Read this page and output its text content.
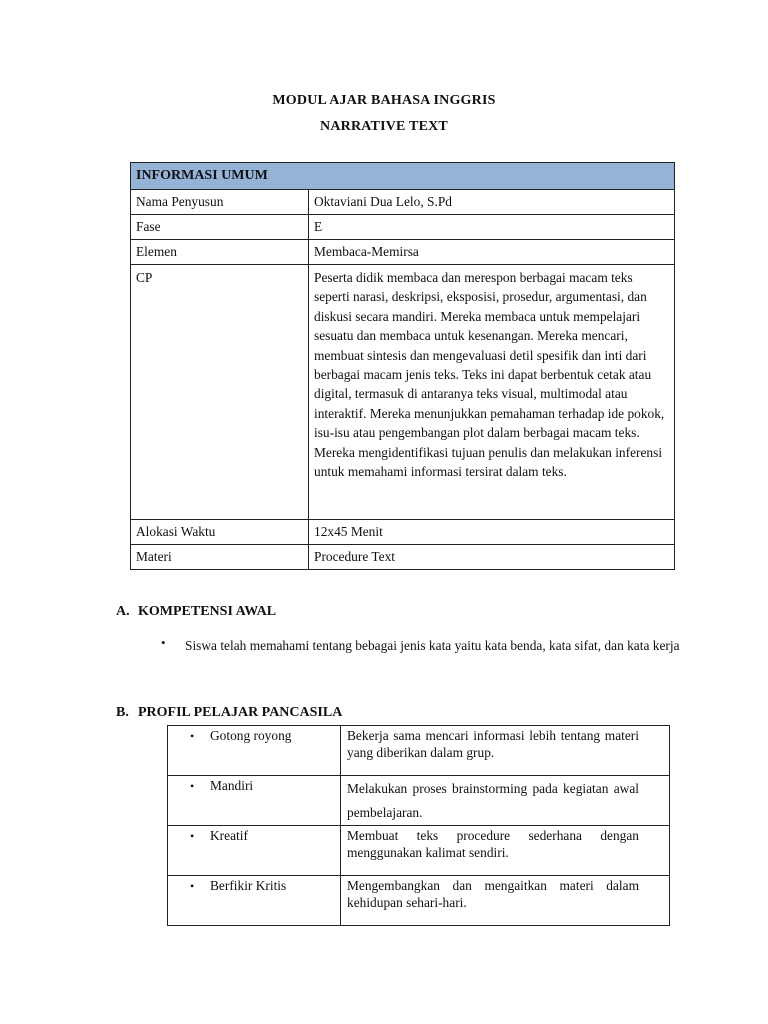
MODUL AJAR BAHASA INGGRIS
NARRATIVE TEXT
INFORMASI UMUM	
Nama Penyusun	Oktaviani Dua Lelo, S.Pd
Fase	E
Elemen	Membaca-Memirsa
CP	Peserta didik membaca dan merespon berbagai macam teks seperti narasi, deskripsi, eksposisi, prosedur, argumentasi, dan diskusi secara mandiri. Mereka membaca untuk mempelajari sesuatu dan membaca untuk kesenangan. Mereka mencari, membuat sintesis dan mengevaluasi detil spesifik dan inti dari berbagai macam jenis teks. Teks ini dapat berbentuk cetak atau digital, termasuk di antaranya teks visual, multimodal atau interaktif. Mereka menunjukkan pemahaman terhadap ide pokok, isu-isu atau pengembangan plot dalam berbagai macam teks. Mereka mengidentifikasi tujuan penulis dan melakukan inferensi untuk memahami informasi tersirat dalam teks.
Alokasi Waktu	12x45 Menit
Materi	Procedure Text
A. KOMPETENSI AWAL
• Siswa telah memahami tentang bebagai jenis kata yaitu kata benda, kata sifat, dan kata kerja
B. PROFIL PELAJAR PANCASILA
• Gotong royong	Bekerja sama mencari informasi lebih tentang materi yang diberikan dalam grup.
• Mandiri	Melakukan proses brainstorming pada kegiatan awal pembelajaran.
• Kreatif	Membuat teks procedure sederhana dengan menggunakan kalimat sendiri.
• Berfikir Kritis	Mengembangkan dan mengaitkan materi dalam kehidupan sehari-hari.
